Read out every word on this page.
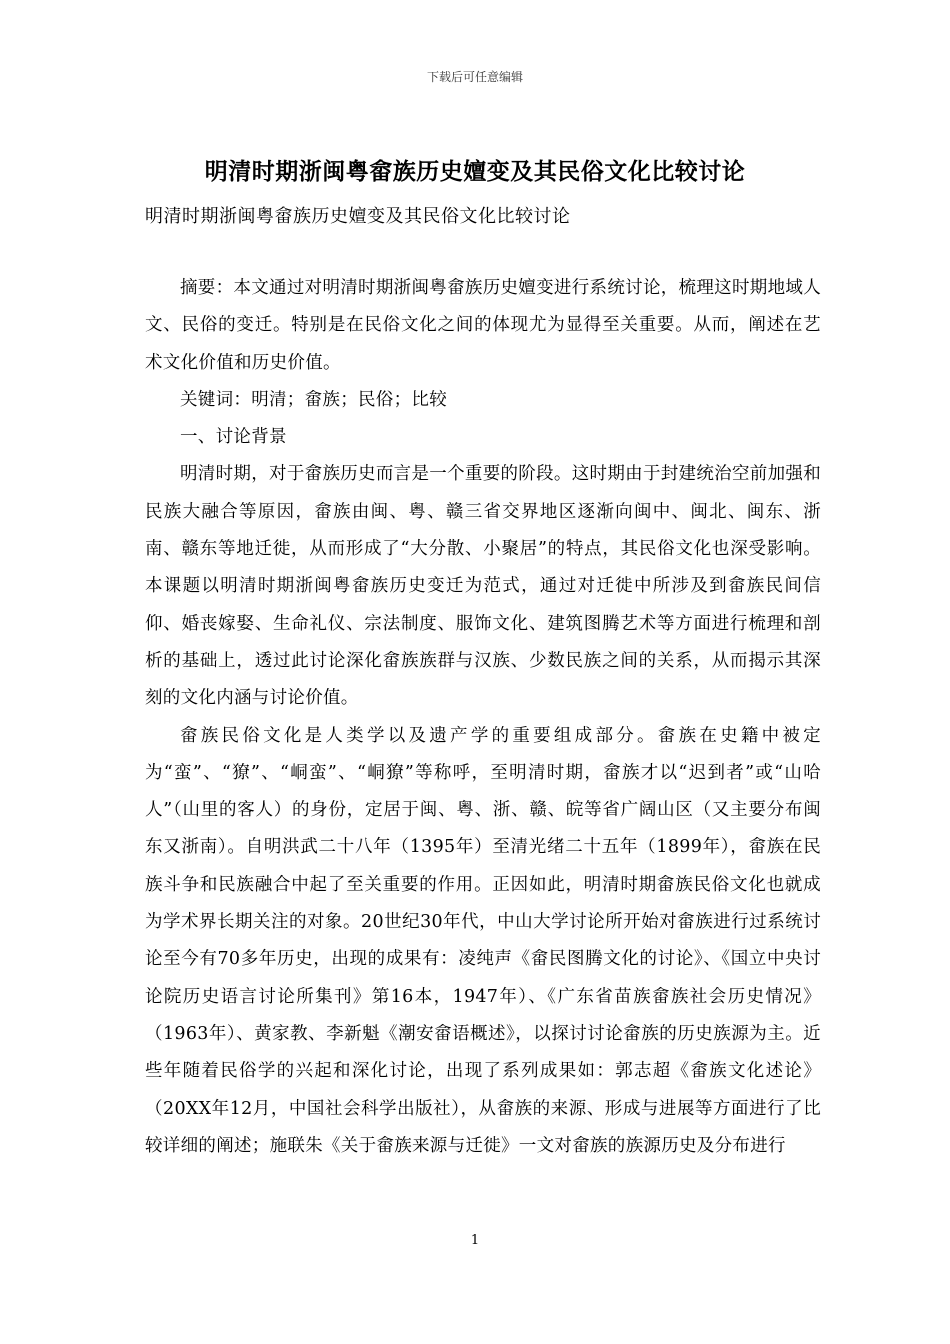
下载后可任意编辑
明清时期浙闽粤畲族历史嬗变及其民俗文化比较讨论
明清时期浙闽粤畲族历史嬗变及其民俗文化比较讨论

摘要：本文通过对明清时期浙闽粤畲族历史嬗变进行系统讨论，梳理这时期地域人文、民俗的变迁。特别是在民俗文化之间的体现尤为显得至关重要。从而，阐述在艺术文化价值和历史价值。

关键词：明清；畲族；民俗；比较

一、讨论背景

明清时期，对于畲族历史而言是一个重要的阶段。这时期由于封建统治空前加强和民族大融合等原因，畲族由闽、粤、赣三省交界地区逐渐向闽中、闽北、闽东、浙南、赣东等地迁徙，从而形成了“大分散、小聚居”的特点，其民俗文化也深受影响。本课题以明清时期浙闽粤畲族历史变迁为范式，通过对迁徙中所涉及到畲族民间信仰、婚丧嫁娶、生命礼仪、宗法制度、服饰文化、建筑图腾艺术等方面进行梳理和剖析的基础上，透过此讨论深化畲族族群与汉族、少数民族之间的关系，从而揭示其深刻的文化内涵与讨论价值。

畲族民俗文化是人类学以及遗产学的重要组成部分。畲族在史籍中被定为“蛮”、“獠”、“峒蛮”、“峒獠”等称呼，至明清时期，畲族才以“迟到者”或“山哈人”（山里的客人）的身份，定居于闽、粤、浙、赣、皖等省广阔山区（又主要分布闽东又浙南）。自明洪武二十八年（1395年）至清光绪二十五年（1899年），畲族在民族斗争和民族融合中起了至关重要的作用。正因如此，明清时期畲族民俗文化也就成为学术界长期关注的对象。20世纪30年代，中山大学讨论所开始对畲族进行过系统讨论至今有70多年历史，出现的成果有：凌纯声《畲民图腾文化的讨论》、《国立中央讨论院历史语言讨论所集刊》第16本，1947年）、《广东省苗族畲族社会历史情况》（1963年）、黄家教、李新魁《潮安畲语概述》，以探讨讨论畲族的历史族源为主。近些年随着民俗学的兴起和深化讨论，出现了系列成果如：郭志超《畲族文化述论》（20XX年12月，中国社会科学出版社），从畲族的来源、形成与进展等方面进行了比较详细的阐述；施联朱《关于畲族来源与迁徙》一文对畲族的族源历史及分布进行

1
